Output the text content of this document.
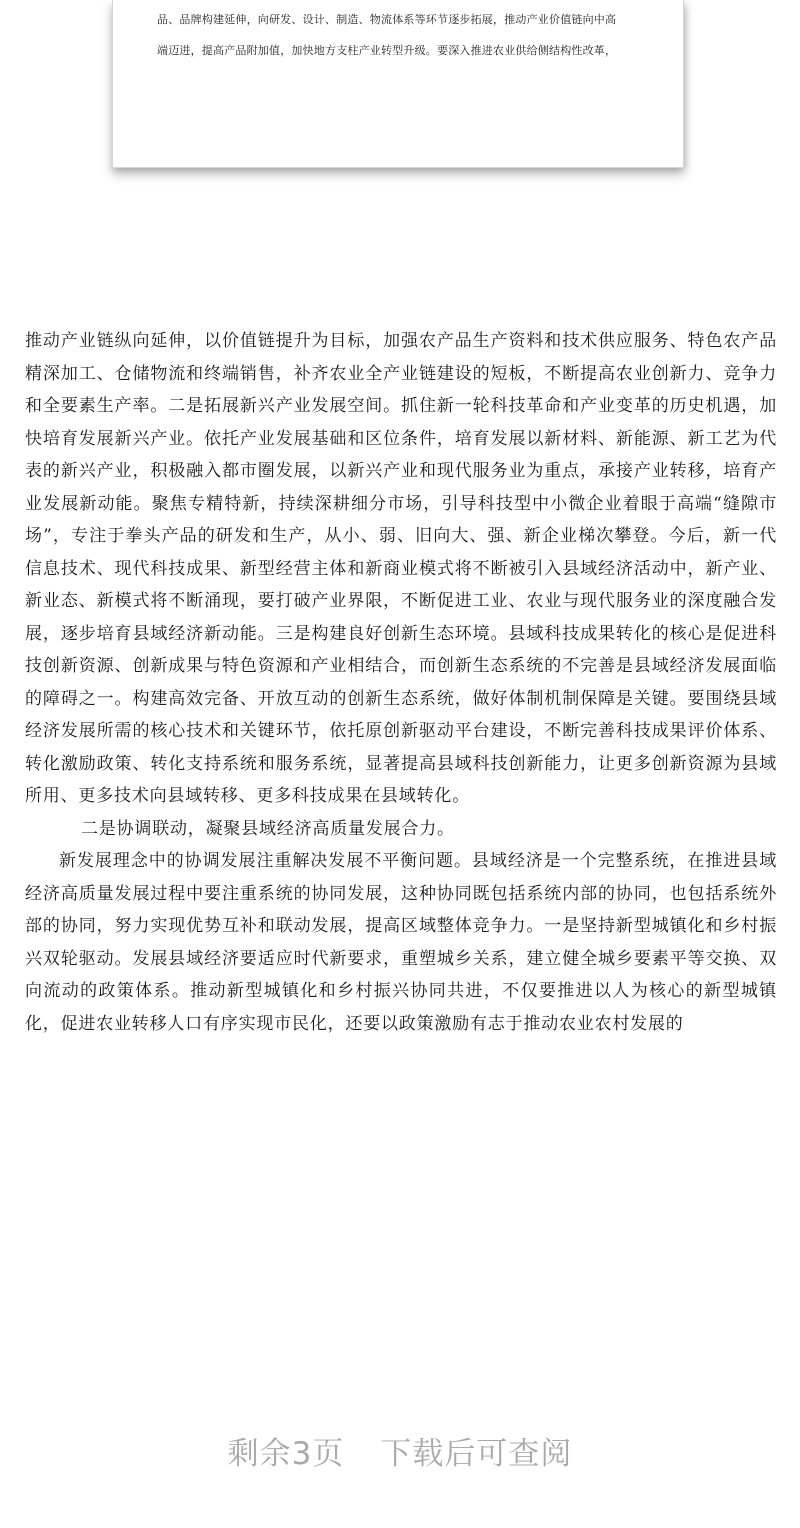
品、品牌构建延伸，向研发、设计、制造、物流体系等环节逐步拓展，推动产业价值链向中高
端迈进，提高产品附加值，加快地方支柱产业转型升级。要深入推进农业供给侧结构性改革，

推动产业链纵向延伸，以价值链提升为目标，加强农产品生产资料和技术供应服务、特色农产品精深加工、仓储物流和终端销售，补齐农业全产业链建设的短板，不断提高农业创新力、竞争力和全要素生产率。二是拓展新兴产业发展空间。抓住新一轮科技革命和产业变革的历史机遇，加快培育发展新兴产业。依托产业发展基础和区位条件，培育发展以新材料、新能源、新工艺为代表的新兴产业，积极融入都市圈发展，以新兴产业和现代服务业为重点，承接产业转移，培育产业发展新动能。聚焦专精特新，持续深耕细分市场，引导科技型中小微企业着眼于高端“缝隙市场”，专注于拳头产品的研发和生产，从小、弱、旧向大、强、新企业梯次攀登。今后，新一代信息技术、现代科技成果、新型经营主体和新商业模式将不断被引入县域经济活动中，新产业、新业态、新模式将不断涌现，要打破产业界限，不断促进工业、农业与现代服务业的深度融合发展，逐步培育县域经济新动能。三是构建良好创新生态环境。县域科技成果转化的核心是促进科技创新资源、创新成果与特色资源和产业相结合，而创新生态系统的不完善是县域经济发展面临的障碍之一。构建高效完备、开放互动的创新生态系统，做好体制机制保障是关键。要围绕县域经济发展所需的核心技术和关键环节，依托原创新驱动平台建设，不断完善科技成果评价体系、转化激励政策、转化支持系统和服务系统，显著提高县域科技创新能力，让更多创新资源为县域所用、更多技术向县域转移、更多科技成果在县域转化。

二是协调联动，凝聚县域经济高质量发展合力。

新发展理念中的协调发展注重解决发展不平衡问题。县域经济是一个完整系统，在推进县域经济高质量发展过程中要注重系统的协同发展，这种协同既包括系统内部的协同，也包括系统外部的协同，努力实现优势互补和联动发展，提高区域整体竞争力。一是坚持新型城镇化和乡村振兴双轮驱动。发展县域经济要适应时代新要求，重塑城乡关系，建立健全城乡要素平等交换、双向流动的政策体系。推动新型城镇化和乡村振兴协同共进，不仅要推进以人为核心的新型城镇化，促进农业转移人口有序实现市民化，还要以政策激励有志于推动农业农村发展的

剩余3页 下载后可查阅
